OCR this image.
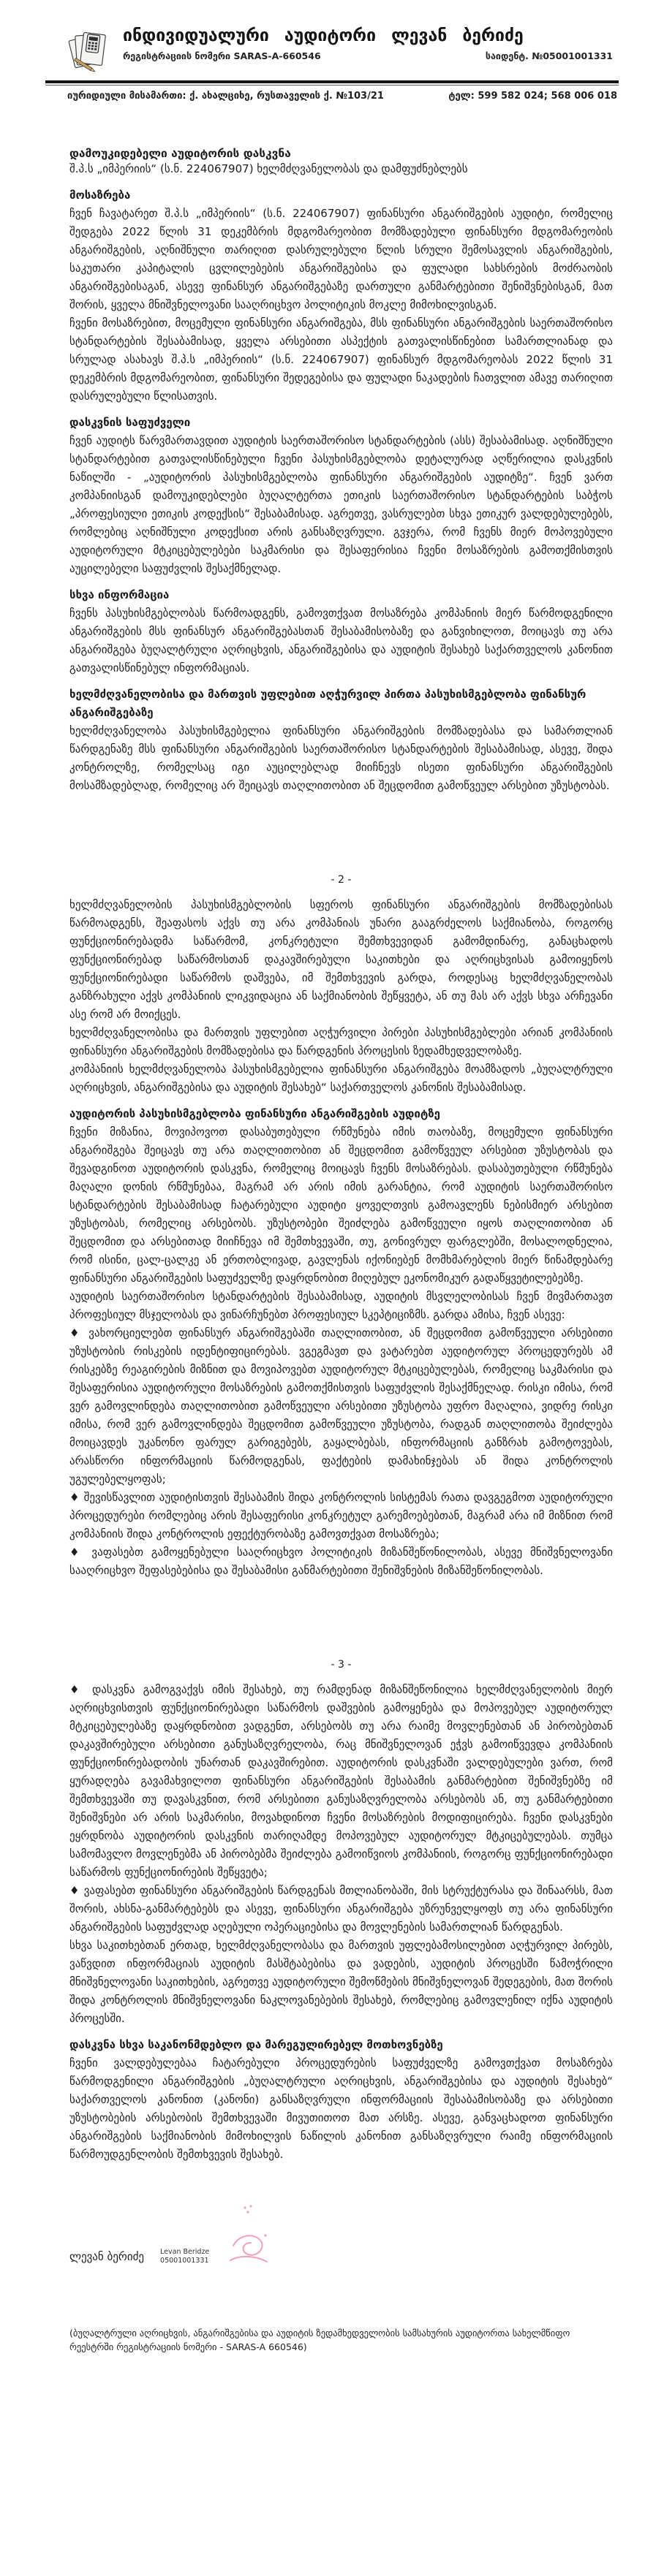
ინდივიდუალური აუდიტორი ლევან ბერიძე
რეგისტრაციის ნომერი SARAS-A-660546	საიდენტ. №05001001331
იურიდიული მისამართი: ქ. ახალციხე, რუსთაველის ქ. №103/21	ტელ: 599 582 024; 568 006 018
დამოუკიდებელი აუდიტორის დასკვნა
შ.პ.ს „იმპერიის“ (ს.ნ. 224067907) ხელმძღვანელობას და დამფუძნებლებს
მოსაზრება
ჩვენ ჩავატარეთ შ.პ.ს „იმპერიის“ (ს.ნ. 224067907) ფინანსური ანგარიშგების აუდიტი, რომელიც შედგება 2022 წლის 31 დეკემბრის მდგომარეობით მომზადებული ფინანსური მდგომარეობის ანგარიშგების, აღნიშნული თარიღით დასრულებული წლის სრული შემოსავლის ანგარიშგების, საკუთარი კაპიტალის ცვლილებების ანგარიშგებისა და ფულადი სახსრების მოძრაობის ანგარიშგებისაგან, ასევე ფინანსურ ანგარიშგებაზე დართული განმარტებითი შენიშვნებისგან, მათ შორის, ყველა მნიშვნელოვანი სააღრიცხვო პოლიტიკის მოკლე მიმოხილვისგან.
ჩვენი მოსაზრებით, მოცემული ფინანსური ანგარიშგება, მსს ფინანსური ანგარიშგების საერთაშორისო სტანდარტების შესაბამისად, ყველა არსებითი ასპექტის გათვალისწინებით სამართლიანად და სრულად ასახავს შ.პ.ს „იმპერიის“ (ს.ნ. 224067907) ფინანსურ მდგომარეობას 2022 წლის 31 დეკემბრის მდგომარეობით, ფინანსური შედეგებისა და ფულადი ნაკადების ჩათვლით ამავე თარიღით დასრულებული წლისათვის.
დასკვნის საფუძველი
ჩვენ აუდიტს წარვმართავდით აუდიტის საერთაშორისო სტანდარტების (ასს) შესაბამისად. აღნიშნული სტანდარტებით გათვალისწინებული ჩვენი პასუხისმგებლობა დეტალურად აღწერილია დასკვნის ნაწილში - „აუდიტორის პასუხისმგებლობა ფინანსური ანგარიშგების აუდიტზე“. ჩვენ ვართ კომპანიისგან დამოუკიდებლები ბუღალტერთა ეთიკის საერთაშორისო სტანდარტების საბჭოს „პროფესიული ეთიკის კოდექსის“ შესაბამისად. აგრეთვე, ვასრულებთ სხვა ეთიკურ ვალდებულებებს, რომლებიც აღნიშნული კოდექსით არის განსაზღვრული. გვჯერა, რომ ჩვენს მიერ მოპოვებული აუდიტორული მტკიცებულებები საკმარისი და შესაფერისია ჩვენი მოსაზრების გამოთქმისთვის აუცილებელი საფუძვლის შესაქმნელად.
სხვა ინფორმაცია
ჩვენს პასუხისმგებლობას წარმოადგენს, გამოვთქვათ მოსაზრება კომპანიის მიერ წარმოდგენილი ანგარიშგების მსს ფინანსურ ანგარიშგებასთან შესაბამისობაზე და განვიხილოთ, მოიცავს თუ არა ანგარიშგება ბუღალტრული აღრიცხვის, ანგარიშგებისა და აუდიტის შესახებ საქართველოს კანონით გათვალისწინებულ ინფორმაციას.
ხელმძღვანელობისა და მართვის უფლებით აღჭურვილ პირთა პასუხისმგებლობა ფინანსურ ანგარიშგებაზე
ხელმძღვანელობა პასუხისმგებელია ფინანსური ანგარიშგების მომზადებასა და სამართლიან წარდგენაზე მსს ფინანსური ანგარიშგების საერთაშორისო სტანდარტების შესაბამისად, ასევე, შიდა კონტროლზე, რომელსაც იგი აუცილებლად მიიჩნევს ისეთი ფინანსური ანგარიშგების მოსამზადებლად, რომელიც არ შეიცავს თაღლითობით ან შეცდომით გამოწვეულ არსებით უზუსტობას.
- 2 -
ხელმძღვანელობის პასუხისმგებლობის სფეროს ფინანსური ანგარიშგების მომზადებისას წარმოადგენს, შეაფასოს აქვს თუ არა კომპანიას უნარი გააგრძელოს საქმიანობა, როგორც ფუნქციონირებადმა საწარმომ, კონკრეტული შემთხვევიდან გამომდინარე, განაცხადოს ფუნქციონირებად საწარმოსთან დაკავშირებული საკითხები და აღრიცხვისას გამოიყენოს ფუნქციონირებადი საწარმოს დაშვება, იმ შემთხვევის გარდა, როდესაც ხელმძღვანელობას განზრახული აქვს კომპანიის ლიკვიდაცია ან საქმიანობის შეწყვეტა, ან თუ მას არ აქვს სხვა არჩევანი ასე რომ არ მოიქცეს.
ხელმძღვანელობისა და მართვის უფლებით აღჭურვილი პირები პასუხისმგებლები არიან კომპანიის ფინანსური ანგარიშგების მომზადებისა და წარდგენის პროცესის ზედამხედველობაზე.
კომპანიის ხელმძღვანელობა პასუხისმგებელია ფინანსური ანგარიშგება მოამზადოს „ბუღალტრული აღრიცხვის, ანგარიშგებისა და აუდიტის შესახებ“ საქართველოს კანონის შესაბამისად.
აუდიტორის პასუხისმგებლობა ფინანსური ანგარიშგების აუდიტზე
ჩვენი მიზანია, მოვიპოვოთ დასაბუთებული რწმუნება იმის თაობაზე, მოცემული ფინანსური ანგარიშგება შეიცავს თუ არა თაღლითობით ან შეცდომით გამოწვეულ არსებით უზუსტობას და შევადგინოთ აუდიტორის დასკვნა, რომელიც მოიცავს ჩვენს მოსაზრებას. დასაბუთებული რწმუნება მაღალი დონის რწმუნებაა, მაგრამ არ არის იმის გარანტია, რომ აუდიტის საერთაშორისო სტანდარტების შესაბამისად ჩატარებული აუდიტი ყოველთვის გამოავლენს ნებისმიერ არსებით უზუსტობას, რომელიც არსებობს. უზუსტობები შეიძლება გამოწვეული იყოს თაღლითობით ან შეცდომით და არსებითად მიიჩნევა იმ შემთხვევაში, თუ, გონივრულ ფარგლებში, მოსალოდნელია, რომ ისინი, ცალ-ცალკე ან ერთობლივად, გავლენას იქონიებენ მომხმარებლის მიერ წინამდებარე ფინანსური ანგარიშგების საფუძველზე დაყრდნობით მიღებულ ეკონომიკურ გადაწყვეტილებებზე.
აუდიტის საერთაშორისო სტანდარტების შესაბამისად, აუდიტის მსვლელობისას ჩვენ მივმართავთ პროფესიულ მსჯელობას და ვინარჩუნებთ პროფესიულ სკეპტიციზმს. გარდა ამისა, ჩვენ ასევე:
♦ ვახორციელებთ ფინანსურ ანგარიშგებაში თაღლითობით, ან შეცდომით გამოწვეული არსებითი უზუსტობის რისკების იდენტიფიცირებას. ვგეგმავთ და ვატარებთ აუდიტორულ პროცედურებს ამ რისკებზე რეაგირების მიზნით და მოვიპოვებთ აუდიტორულ მტკიცებულებას, რომელიც საკმარისი და შესაფერისია აუდიტორული მოსაზრების გამოთქმისთვის საფუძვლის შესაქმნელად. რისკი იმისა, რომ ვერ გამოვლინდება თაღლითობით გამოწვეული არსებითი უზუსტობა უფრო მაღალია, ვიდრე რისკი იმისა, რომ ვერ გამოვლინდება შეცდომით გამოწვეული უზუსტობა, რადგან თაღლითობა შეიძლება მოიცავდეს უკანონო ფარულ გარიგებებს, გაყალბებას, ინფორმაციის განზრახ გამოტოვებას, არასწორი ინფორმაციის წარმოდგენას, ფაქტების დამახინჯებას ან შიდა კონტროლის უგულებელყოფას;
♦ შევისწავლით აუდიტისთვის შესაბამის შიდა კონტროლის სისტემას რათა დავგეგმოთ აუდიტორული პროცედურები რომლებიც არის შესაფერისი კონკრეტულ გარემოებებთან, მაგრამ არა იმ მიზნით რომ კომპანიის შიდა კონტროლის ეფექტურობაზე გამოვთქვათ მოსაზრება;
♦ ვაფასებთ გამოყენებული სააღრიცხვო პოლიტიკის მიზანშეწონილობას, ასევე მნიშვნელოვანი სააღრიცხვო შეფასებებისა და შესაბამისი განმარტებითი შენიშვნების მიზანშეწონილობას.
- 3 -
♦ დასკვნა გამოგვაქვს იმის შესახებ, თუ რამდენად მიზანშეწონილია ხელმძღვანელობის მიერ აღრიცხვისთვის ფუნქციონირებადი საწარმოს დაშვების გამოყენება და მოპოვებულ აუდიტორულ მტკიცებულებაზე დაყრდნობით ვადგენთ, არსებობს თუ არა რაიმე მოვლენებთან ან პირობებთან დაკავშირებული არსებითი განუსაზღვრელობა, რაც მნიშვნელოვან ეჭვს გამოიწვევდა კომპანიის ფუნქციონირებადობის უნართან დაკავშირებით. აუდიტორის დასკვნაში ვალდებულები ვართ, რომ ყურადღება გავამახვილოთ ფინანსური ანგარიშგების შესაბამის განმარტებით შენიშვნებზე იმ შემთხვევაში თუ დავასკვნით, რომ არსებითი განუსაზღვრელობა არსებობს ან, თუ განმარტებითი შენიშვნები არ არის საკმარისი, მოვახდინოთ ჩვენი მოსაზრების მოდიფიცირება. ჩვენი დასკვნები ეყრდნობა აუდიტორის დასკვნის თარიღამდე მოპოვებულ აუდიტორულ მტკიცებულებას. თუმცა სამომავლო მოვლენებმა ან პირობებმა შეიძლება გამოიწვიოს კომპანიის, როგორც ფუნქციონირებადი საწარმოს ფუნქციონირების შეწყვეტა;
♦ ვაფასებთ ფინანსური ანგარიშგების წარდგენას მთლიანობაში, მის სტრუქტურასა და შინაარსს, მათ შორის, ახსნა-განმარტებებს და ასევე, ფინანსური ანგარიშგება უზრუნველყოფს თუ არა ფინანსური ანგარიშგების საფუძვლად აღებული ოპერაციებისა და მოვლენების სამართლიან წარდგენას.
სხვა საკითხებთან ერთად, ხელმძღვანელობასა და მართვის უფლებამოსილებით აღჭურვილ პირებს, ვაწვდით ინფორმაციას აუდიტის მასშტაბებისა და ვადების, აუდიტის პროცესში წამოჭრილი მნიშვნელოვანი საკითხების, აგრეთვე აუდიტორული შემოწმების მნიშვნელოვან შედეგების, მათ შორის შიდა კონტროლის მნიშვნელოვანი ნაკლოვანებების შესახებ, რომლებიც გამოვლენილ იქნა აუდიტის პროცესში.
დასკვნა სხვა საკანონმდებლო და მარეგულირებელ მოთხოვნებზე
ჩვენი ვალდებულებაა ჩატარებული პროცედურების საფუძველზე გამოვთქვათ მოსაზრება წარმოდგენილი ანგარიშგების „ბუღალტრული აღრიცხვის, ანგარიშგებისა და აუდიტის შესახებ“ საქართველოს კანონით (კანონი) განსაზღვრული ინფორმაციის შესაბამისობაზე და არსებითი უზუსტობების არსებობის შემთხვევაში მივუთითოთ მათ არსზე. ასევე, განვაცხადოთ ფინანსური ანგარიშგების საქმიანობის მიმოხილვის ნაწილის კანონით განსაზღვრული რაიმე ინფორმაციის წარმოუდგენლობის შემთხვევის შესახებ.
ლევან ბერიძე Levan Beridze
05001001331
(ბუღალტრული აღრიცხვის, ანგარიშგებისა და აუდიტის ზედამხედველობის სამსახურის აუდიტორთა სახელმწიფო რეესტრში რეგისტრაციის ნომერი - SARAS-A 660546)
